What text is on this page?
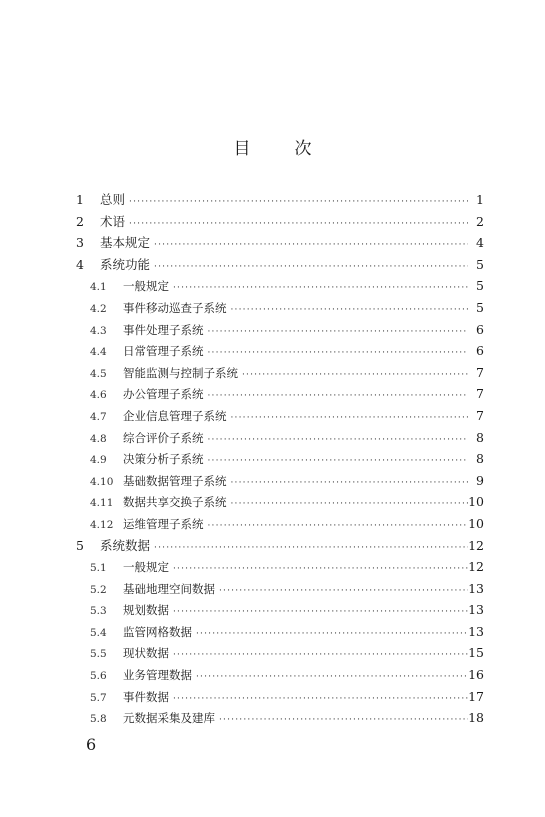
目	次
1	总则 ·····	1
2	术语 ·····	2
3	基本规定 ·····	4
4	系统功能 ·····	5
4.1	一般规定 ·····	5
4.2	事件移动巡查子系统 ·····	5
4.3	事件处理子系统 ·····	6
4.4	日常管理子系统 ·····	6
4.5	智能监测与控制子系统 ·····	7
4.6	办公管理子系统 ·····	7
4.7	企业信息管理子系统 ·····	7
4.8	综合评价子系统 ·····	8
4.9	决策分析子系统 ·····	8
4.10 基础数据管理子系统 ·····	9
4.11 数据共享交换子系统 ·····	10
4.12 运维管理子系统 ·····	10
5	系统数据 ·····	12
5.1	一般规定 ·····	12
5.2	基础地理空间数据 ·····	13
5.3	规划数据 ·····	13
5.4	监管网格数据 ·····	13
5.5	现状数据 ·····	15
5.6	业务管理数据 ·····	16
5.7	事件数据 ·····	17
5.8	元数据采集及建库 ·····	18
6
